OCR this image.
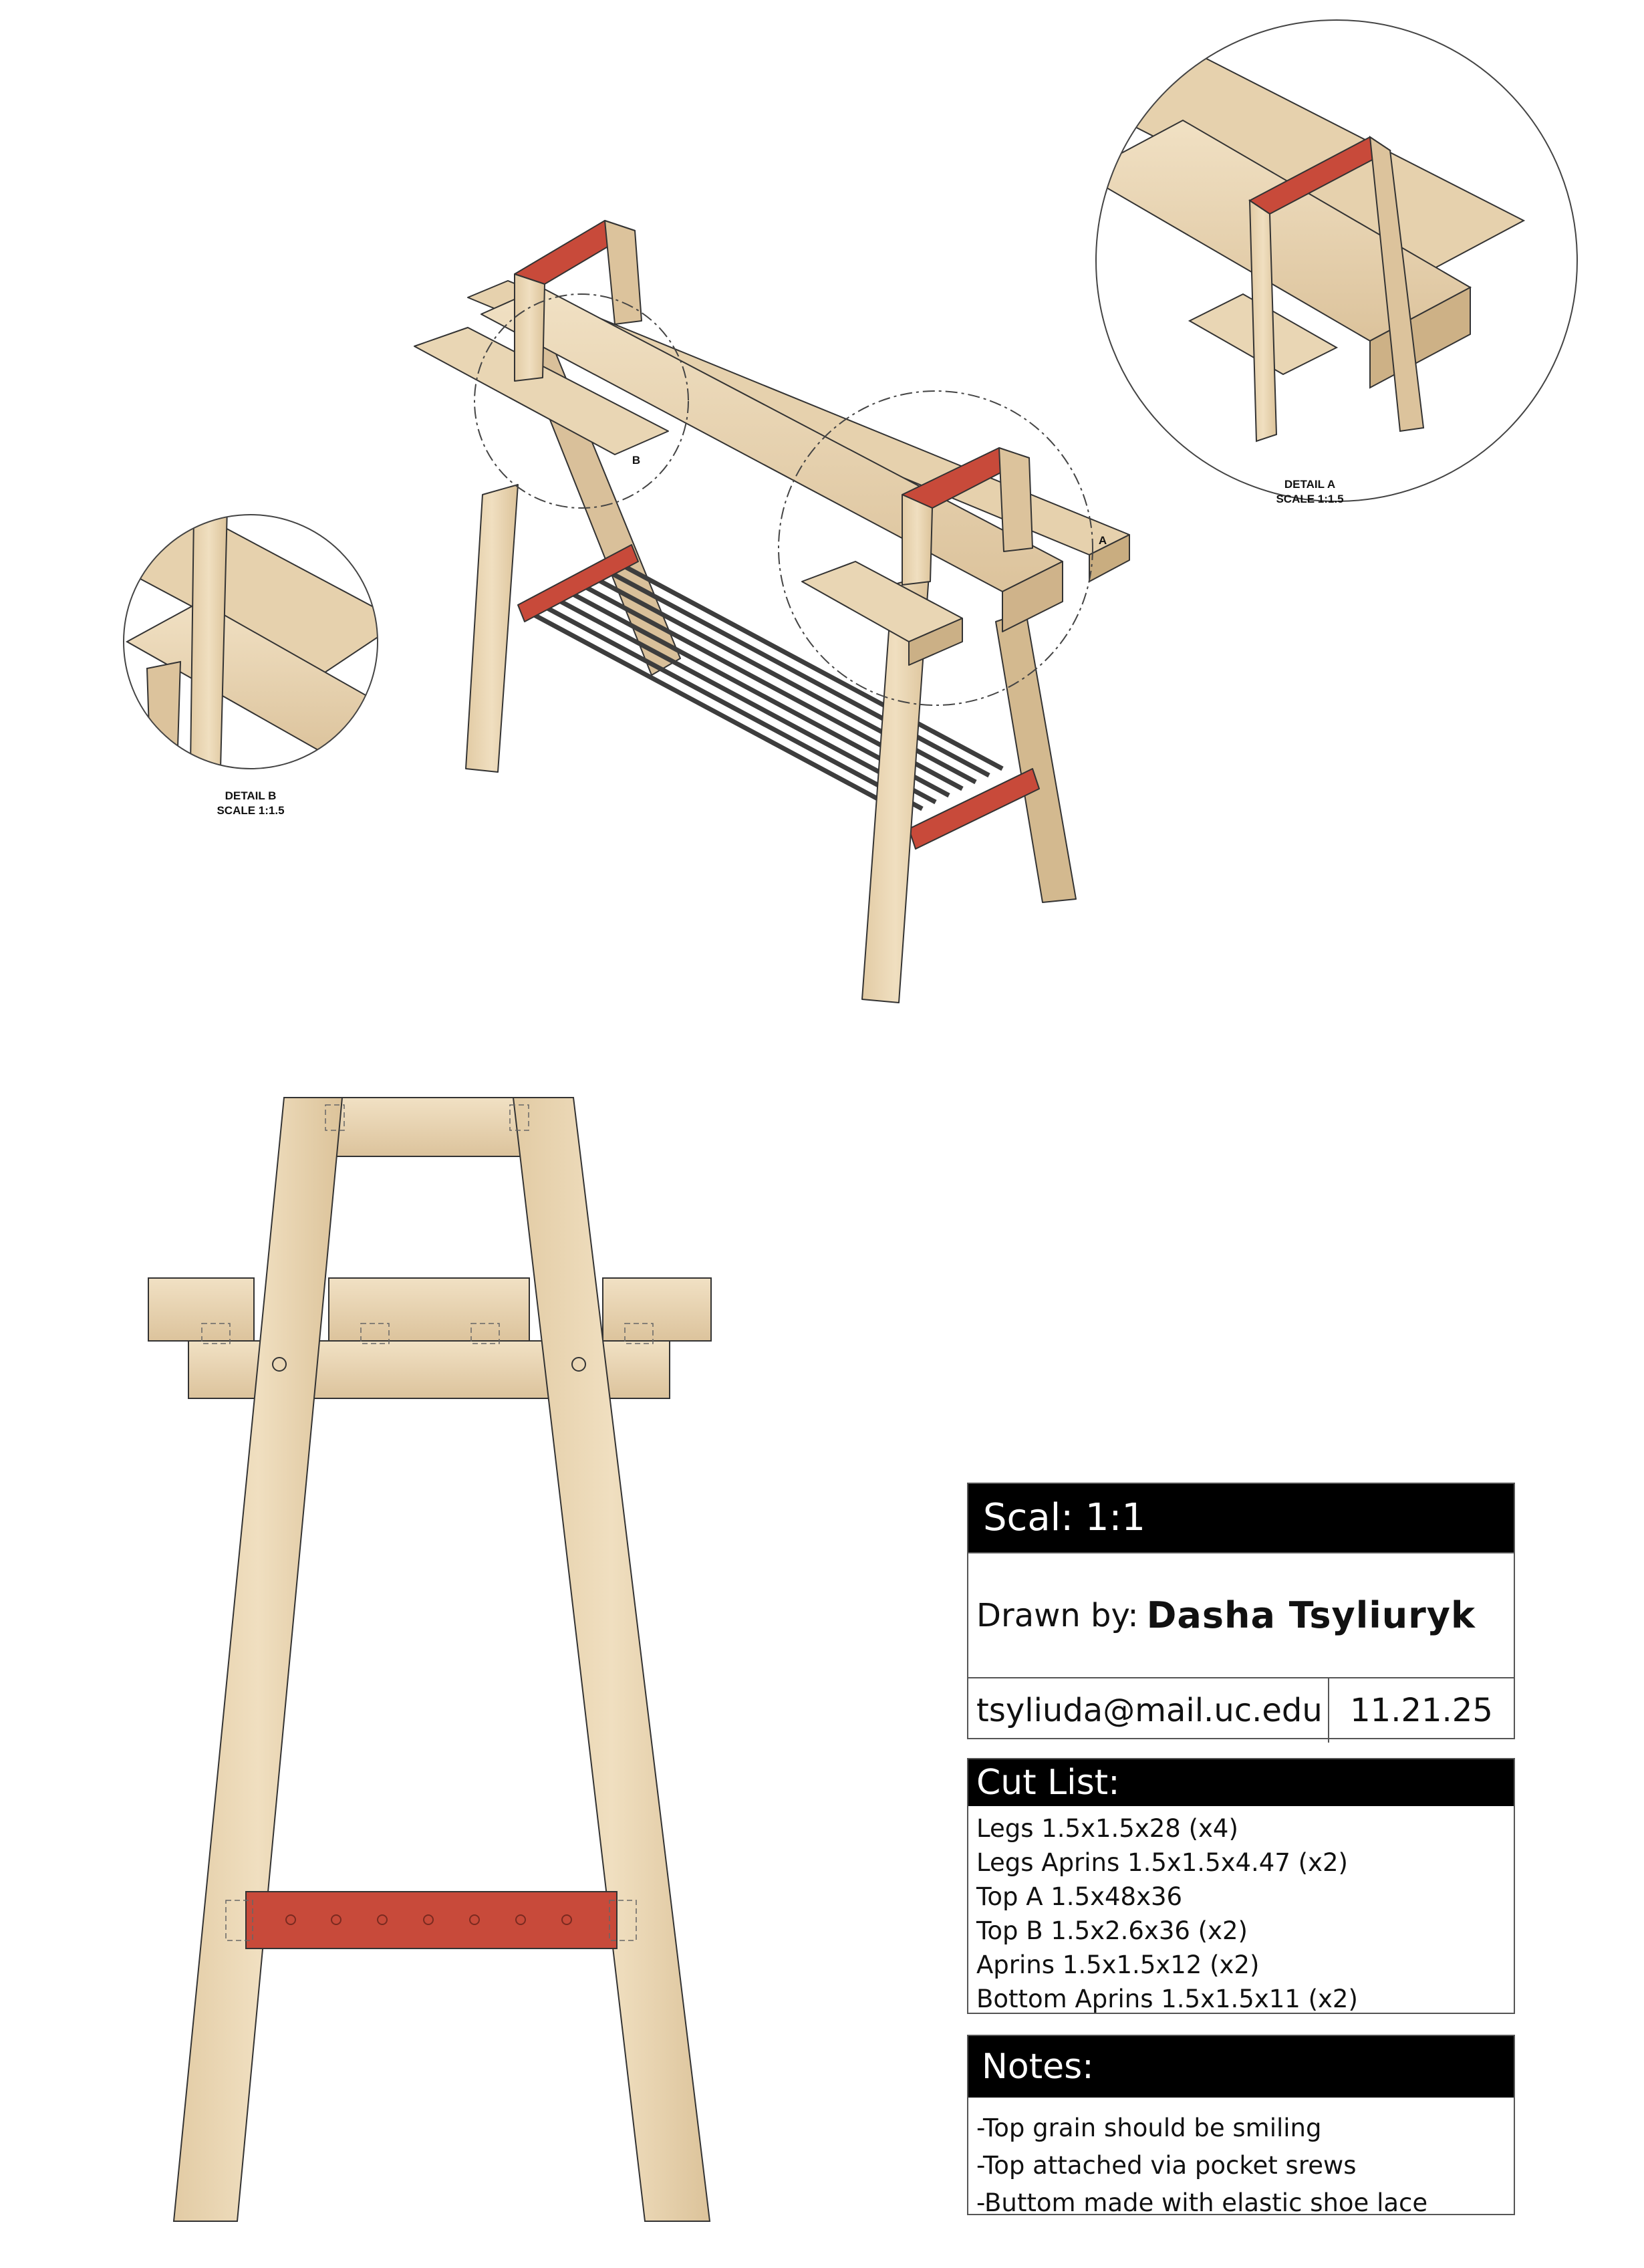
DETAIL A
SCALE 1:1.5
DETAIL B
SCALE 1:1.5
A
B
Scal: 1:1
Drawn by: Dasha Tsyliuryk
tsyliuda@mail.uc.edu 11.21.25
Cut List:
Legs 1.5x1.5x28 (x4)
Legs Aprins 1.5x1.5x4.47 (x2)
Top A 1.5x48x36
Top B 1.5x2.6x36 (x2)
Aprins 1.5x1.5x12 (x2)
Bottom Aprins 1.5x1.5x11 (x2)
Notes:
-Top grain should be smiling
-Top attached via pocket srews
-Buttom made with elastic shoe lace
